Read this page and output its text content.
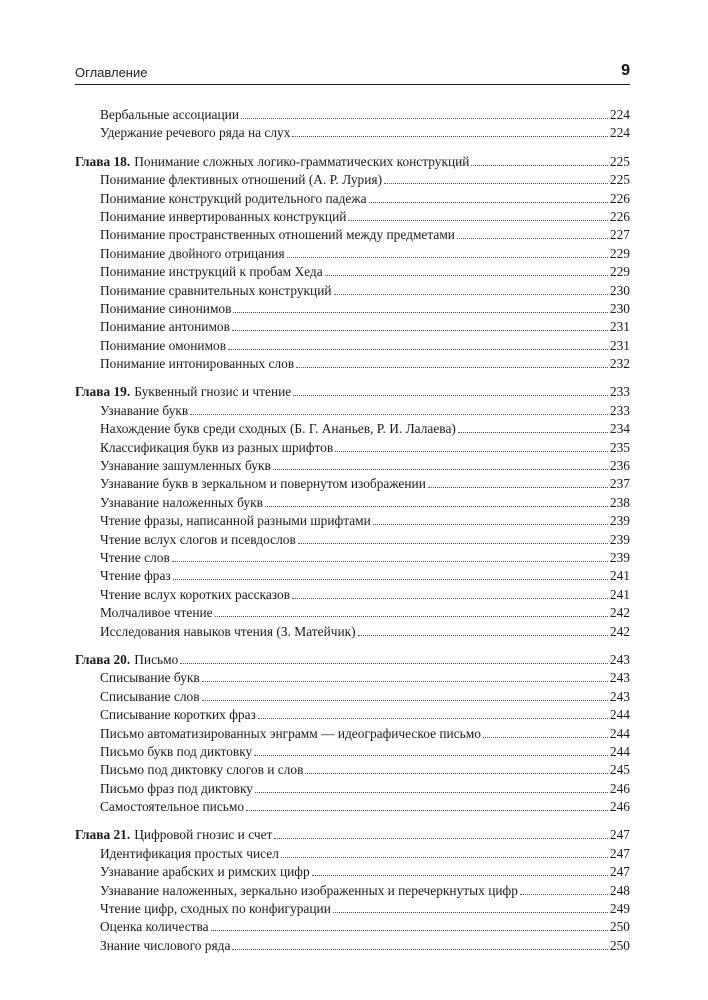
Оглавление	9
Вербальные ассоциации	224
Удержание речевого ряда на слух	224
Глава 18. Понимание сложных логико-грамматических конструкций	225
Понимание флективных отношений (А. Р. Лурия)	225
Понимание конструкций родительного падежа	226
Понимание инвертированных конструкций	226
Понимание пространственных отношений между предметами	227
Понимание двойного отрицания	229
Понимание инструкций к пробам Хеда	229
Понимание сравнительных конструкций	230
Понимание синонимов	230
Понимание антонимов	231
Понимание омонимов	231
Понимание интонированных слов	232
Глава 19. Буквенный гнозис и чтение	233
Узнавание букв	233
Нахождение букв среди сходных (Б. Г. Ананьев, Р. И. Лалаева)	234
Классификация букв из разных шрифтов	235
Узнавание зашумленных букв	236
Узнавание букв в зеркальном и повернутом изображении	237
Узнавание наложенных букв	238
Чтение фразы, написанной разными шрифтами	239
Чтение вслух слогов и псевдослов	239
Чтение слов	239
Чтение фраз	241
Чтение вслух коротких рассказов	241
Молчаливое чтение	242
Исследования навыков чтения (З. Матейчик)	242
Глава 20. Письмо	243
Списывание букв	243
Списывание слов	243
Списывание коротких фраз	244
Письмо автоматизированных энграмм — идеографическое письмо	244
Письмо букв под диктовку	244
Письмо под диктовку слогов и слов	245
Письмо фраз под диктовку	246
Самостоятельное письмо	246
Глава 21. Цифровой гнозис и счет	247
Идентификация простых чисел	247
Узнавание арабских и римских цифр	247
Узнавание наложенных, зеркально изображенных и перечеркнутых цифр	248
Чтение цифр, сходных по конфигурации	249
Оценка количества	250
Знание числового ряда	250
